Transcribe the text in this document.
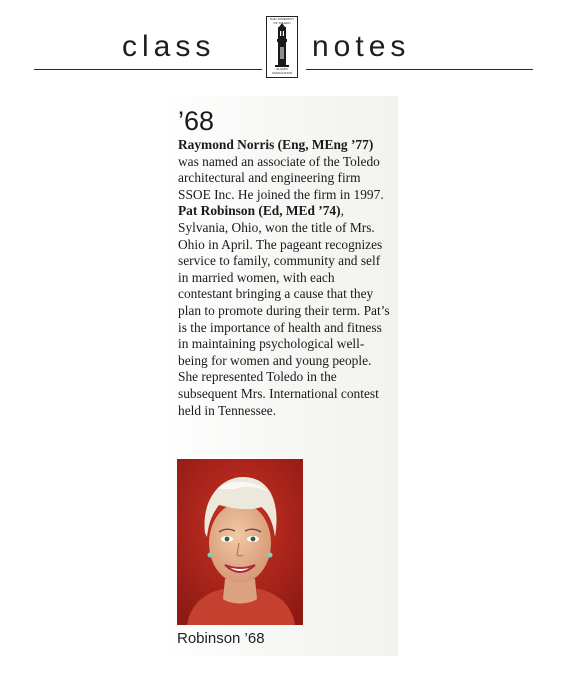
class
THE UNIVERSITY OF TOLEDO
ALUMNI ASSOCIATION
notes
’68

Raymond Norris (Eng, MEng ’77) was named an associate of the Toledo architectural and engineering firm SSOE Inc. He joined the firm in 1997.

Pat Robinson (Ed, MEd ’74), Sylvania, Ohio, won the title of Mrs. Ohio in April. The pageant recognizes service to family, community and self in married women, with each contestant bringing a cause that they plan to promote during their term. Pat’s is the importance of health and fitness in maintaining psychological well-being for women and young people. She represented Toledo in the subsequent Mrs. International contest held in Tennessee.

Robinson ’68
